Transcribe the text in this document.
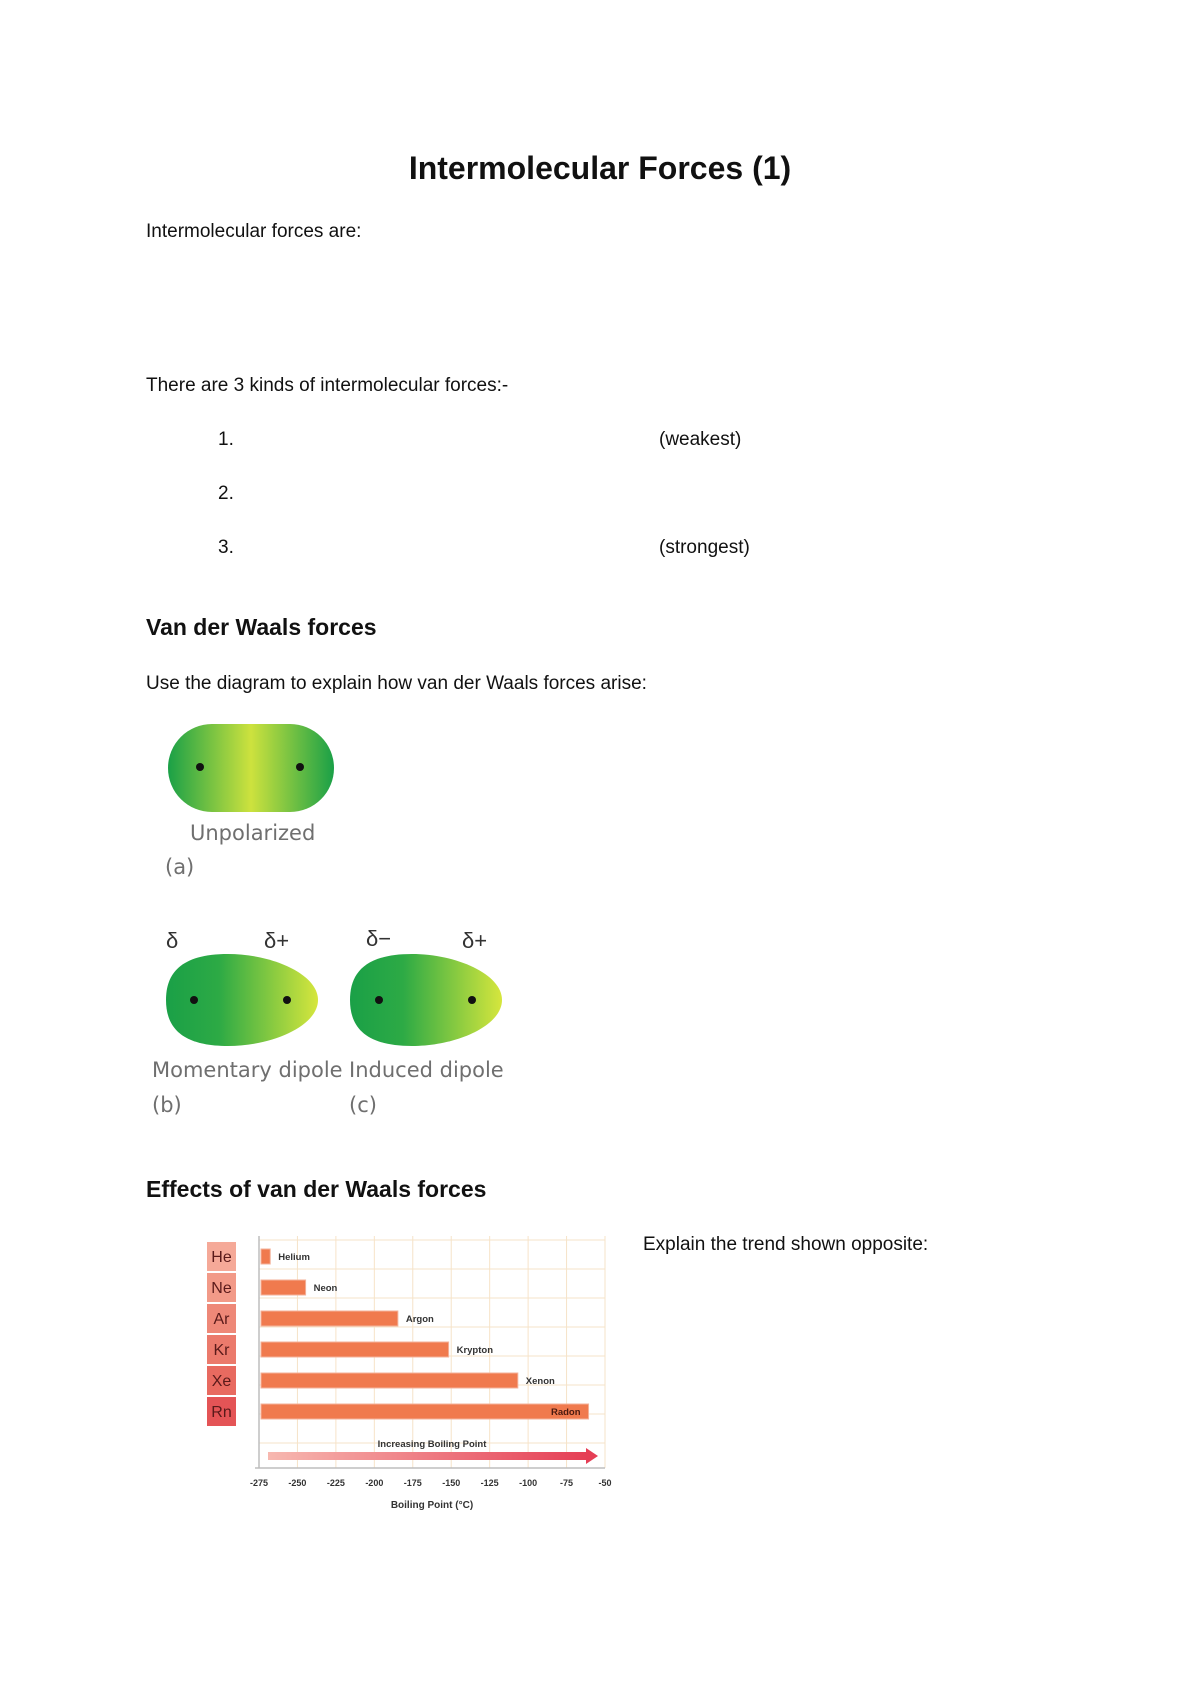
Intermolecular Forces (1)
Intermolecular forces are:
There are 3 kinds of intermolecular forces:-
1.	(weakest)
2.
3.	(strongest)
Van der Waals forces
Use the diagram to explain how van der Waals forces arise:
δ	δ+	δ−	δ+
Unpolarized
(a)
Momentary dipole
(b)
Induced dipole
(c)
Effects of van der Waals forces
Explain the trend shown opposite:
He
Ne
Ar
Kr
Xe
Rn
Helium
Neon
Argon
Krypton
Xenon
Radon
-275 -250 -225 -200 -175 -150 -125 -100	-75	-50
Increasing Boiling Point
Boiling Point (°C)
